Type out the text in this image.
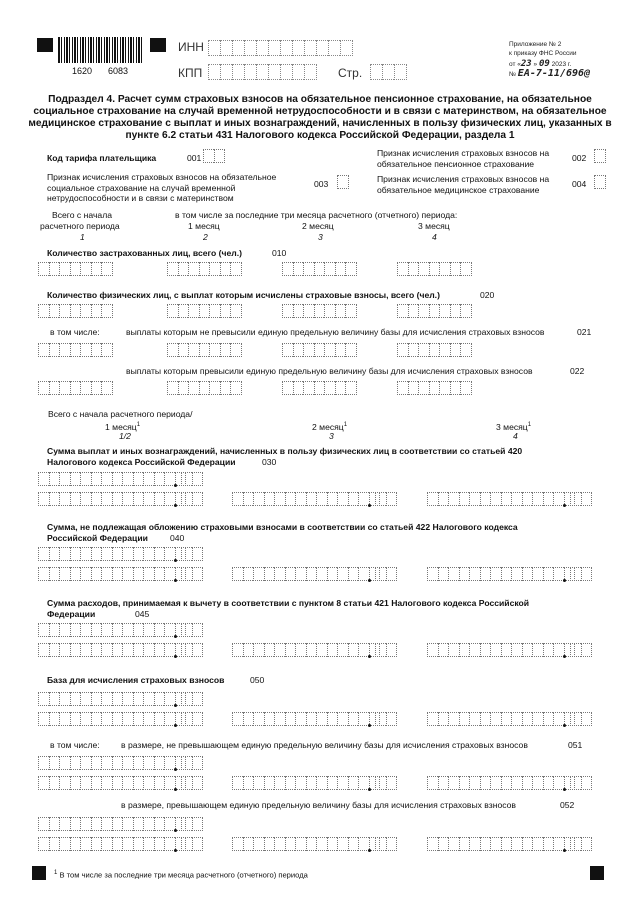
1620 6083
ИНН
КПП	Стр.
Приложение № 2
к приказу ФНС России
от «23 » 09 2023 г.
№ ЕА-7-11/696@
Подраздел 4. Расчет сумм страховых взносов на обязательное пенсионное страхование, на обязательное социальное страхование на случай временной нетрудоспособности и в связи с материнством, на обязательное медицинское страхование с выплат и иных вознаграждений, начисленных в пользу физических лиц, указанных в пункте 6.2 статьи 431 Налогового кодекса Российской Федерации, раздела 1
Код тарифа плательщика	001	Признак исчисления страховых взносов на обязательное пенсионное страхование
002
Признак исчисления страховых взносов на обязательное социальное страхование на случай временной нетрудоспособности и в связи с материнством
003	Признак исчисления страховых взносов на обязательное медицинское страхование
004
Всего с начала
расчетного периода
1
в том числе за последние три месяца расчетного (отчетного) периода:
1 месяц
2
2 месяц
3
3 месяц
4
Количество застрахованных лиц, всего (чел.)	010
Количество физических лиц, с выплат которым исчислены страховые взносы, всего (чел.)	020
в том числе:	выплаты которым не превысили единую предельную величину базы для исчисления страховых взносов	021
выплаты которым превысили единую предельную величину базы для исчисления страховых взносов	022
Всего с начала расчетного периода/
1 месяц$^1$
1/2
2 месяц$^1$
3
3 месяц$^1$
4
Сумма выплат и иных вознаграждений, начисленных в пользу физических лиц в соответствии со статьей 420 Налогового кодекса Российской Федерации	030
Сумма, не подлежащая обложению страховыми взносами в соответствии со статьей 422 Налогового кодекса Российской Федерации	040
Сумма расходов, принимаемая к вычету в соответствии с пунктом 8 статьи 421 Налогового кодекса Российской Федерации	045
База для исчисления страховых взносов	050
в том числе: в размере, не превышающем единую предельную величину базы для исчисления страховых взносов	051
в размере, превышающем единую предельную величину базы для исчисления страховых взносов	052
$^1$ В том числе за последние три месяца расчетного (отчетного) периода
